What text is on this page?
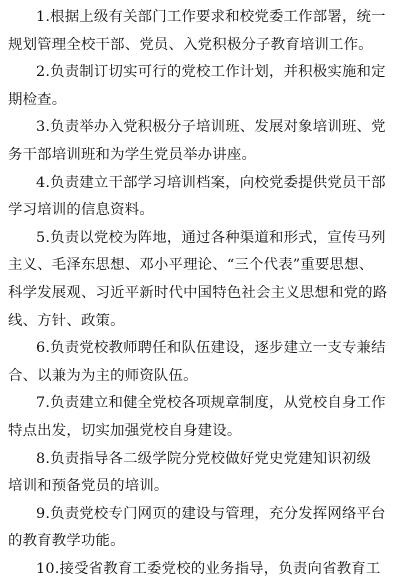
1.根据上级有关部门工作要求和校党委工作部署，统一
规划管理全校干部、党员、入党积极分子教育培训工作。
2.负责制订切实可行的党校工作计划，并积极实施和定
期检查。
3.负责举办入党积极分子培训班、发展对象培训班、党
务干部培训班和为学生党员举办讲座。
4.负责建立干部学习培训档案，向校党委提供党员干部
学习培训的信息资料。
5.负责以党校为阵地，通过各种渠道和形式，宣传马列
主义、毛泽东思想、邓小平理论、“三个代表”重要思想、
科学发展观、习近平新时代中国特色社会主义思想和党的路
线、方针、政策。
6.负责党校教师聘任和队伍建设，逐步建立一支专兼结
合、以兼为为主的师资队伍。
7.负责建立和健全党校各项规章制度，从党校自身工作
特点出发，切实加强党校自身建设。
8.负责指导各二级学院分党校做好党史党建知识初级
培训和预备党员的培训。
9.负责党校专门网页的建设与管理，充分发挥网络平台
的教育教学功能。
10.接受省教育工委党校的业务指导，负责向省教育工
